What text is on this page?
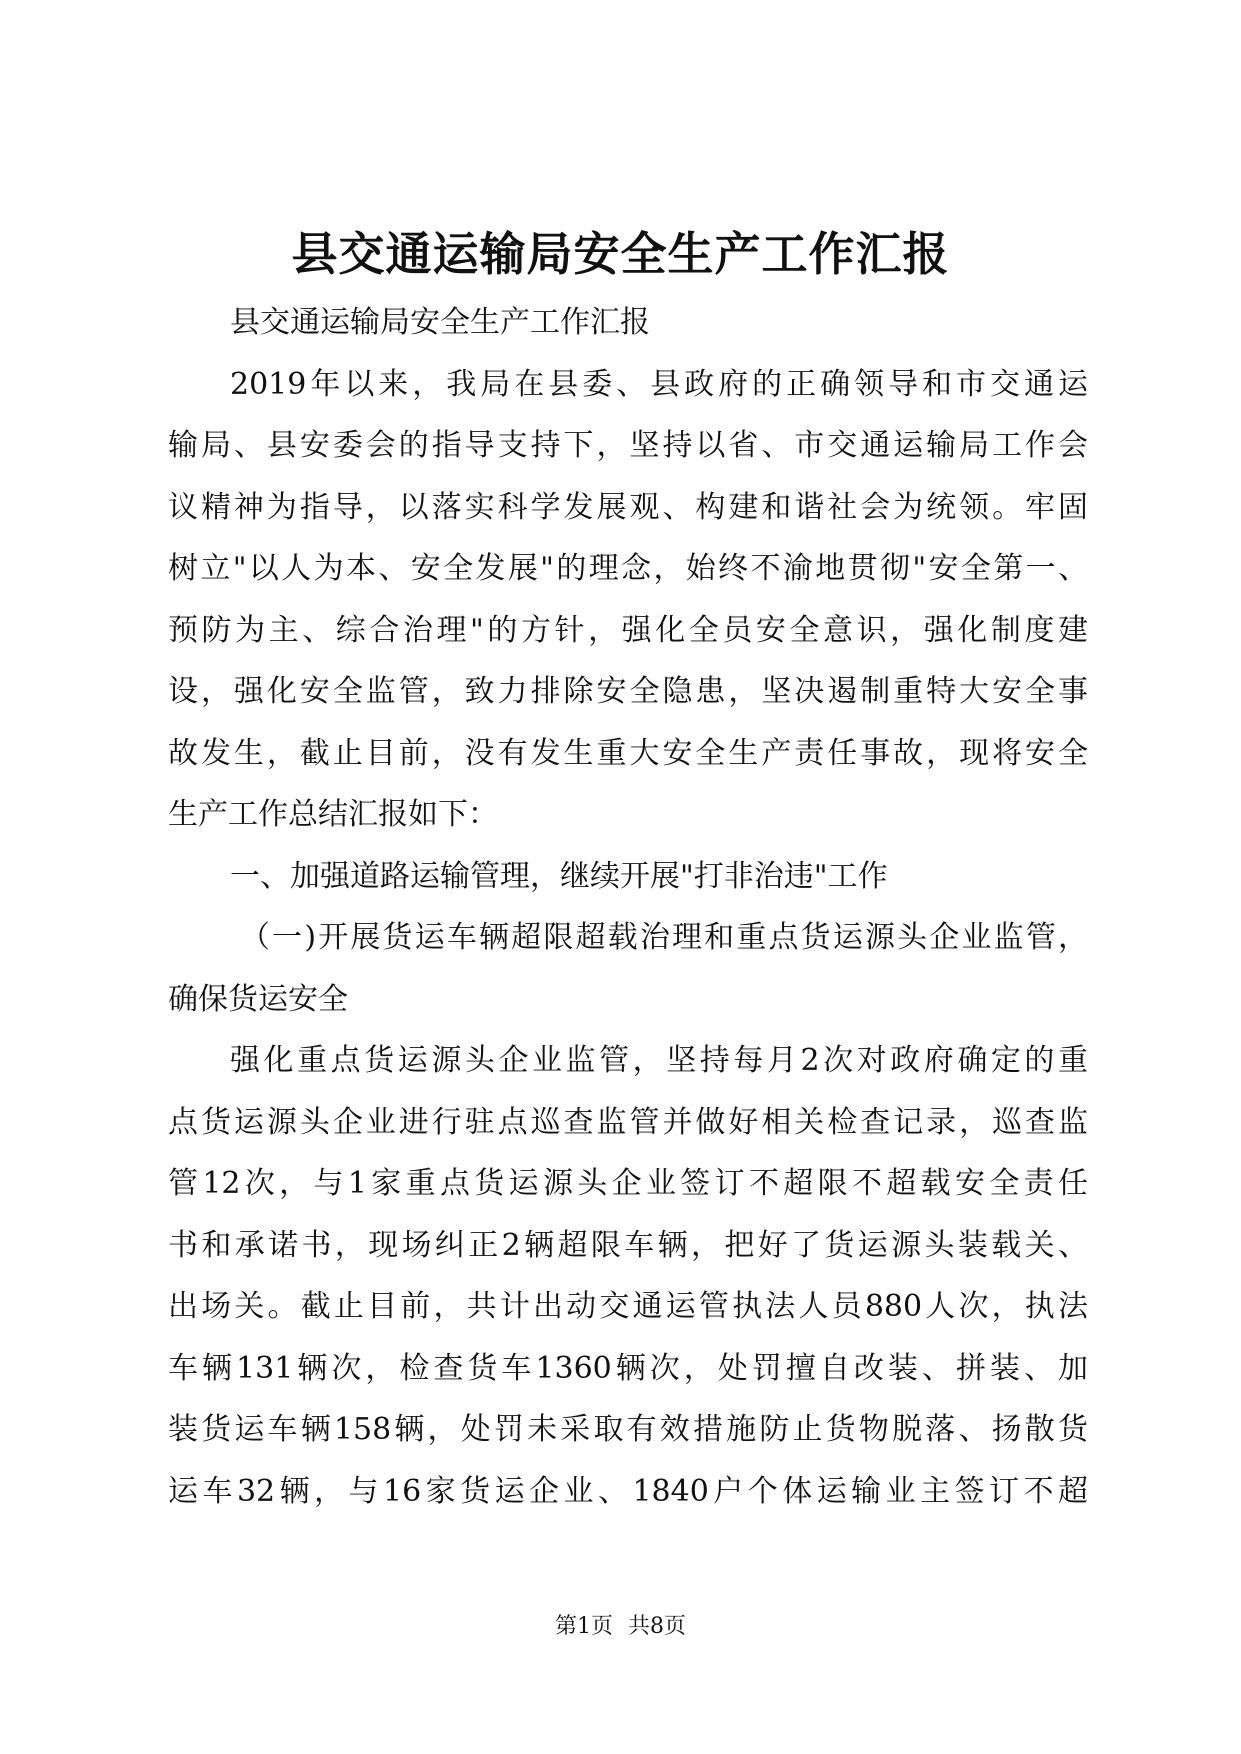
县交通运输局安全生产工作汇报
县交通运输局安全生产工作汇报
2019年以来，我局在县委、县政府的正确领导和市交通运
输局、县安委会的指导支持下，坚持以省、市交通运输局工作会
议精神为指导，以落实科学发展观、构建和谐社会为统领。牢固
树立"以人为本、安全发展"的理念，始终不渝地贯彻"安全第一、
预防为主、综合治理"的方针，强化全员安全意识，强化制度建
设，强化安全监管，致力排除安全隐患，坚决遏制重特大安全事
故发生，截止目前，没有发生重大安全生产责任事故，现将安全
生产工作总结汇报如下：
一、加强道路运输管理，继续开展"打非治违"工作
（一)开展货运车辆超限超载治理和重点货运源头企业监管，
确保货运安全
强化重点货运源头企业监管，坚持每月2次对政府确定的重
点货运源头企业进行驻点巡查监管并做好相关检查记录，巡查监
管12次，与1家重点货运源头企业签订不超限不超载安全责任
书和承诺书，现场纠正2辆超限车辆，把好了货运源头装载关、
出场关。截止目前，共计出动交通运管执法人员880人次，执法
车辆131辆次，检查货车1360辆次，处罚擅自改装、拼装、加
装货运车辆158辆，处罚未采取有效措施防止货物脱落、扬散货
运车32辆，与16家货运企业、1840户个体运输业主签订不超
第1页 共8页
